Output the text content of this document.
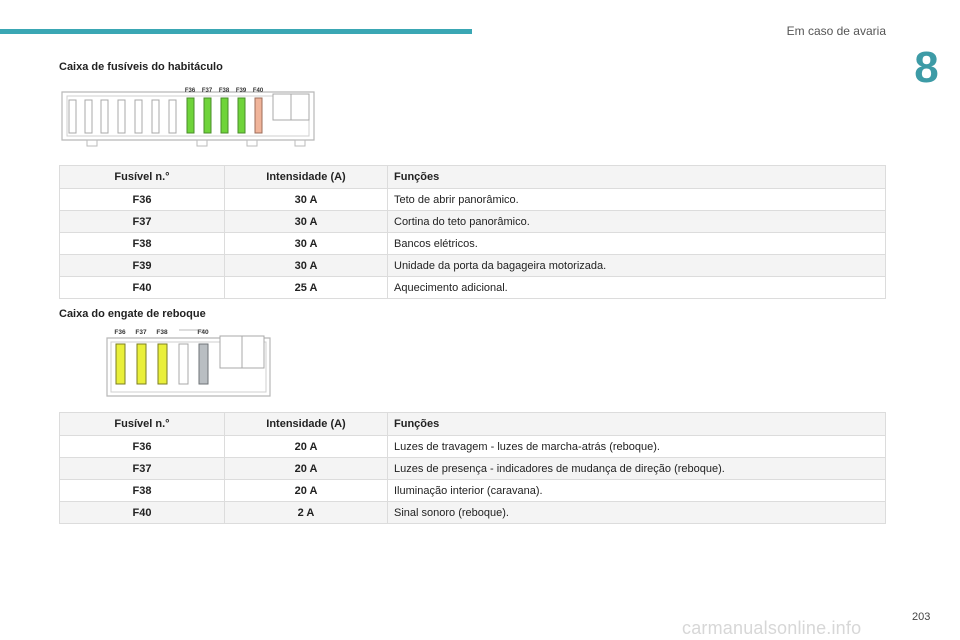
Em caso de avaria
8
Caixa de fusíveis do habitáculo
F36 F37 F38 F39 F40
Fusível n.°	Intensidade (A)	Funções
F36	30 A	Teto de abrir panorâmico.
F37	30 A	Cortina do teto panorâmico.
F38	30 A	Bancos elétricos.
F39	30 A	Unidade da porta da bagageira motorizada.
F40	25 A	Aquecimento adicional.
Caixa do engate de reboque
F36 F37 F38	F40
Fusível n.°	Intensidade (A)	Funções
F36	20 A	Luzes de travagem - luzes de marcha-atrás (reboque).
F37	20 A	Luzes de presença - indicadores de mudança de direção (reboque).
F38	20 A	Iluminação interior (caravana).
F40	2 A	Sinal sonoro (reboque).
carmanualsonline.info
203
